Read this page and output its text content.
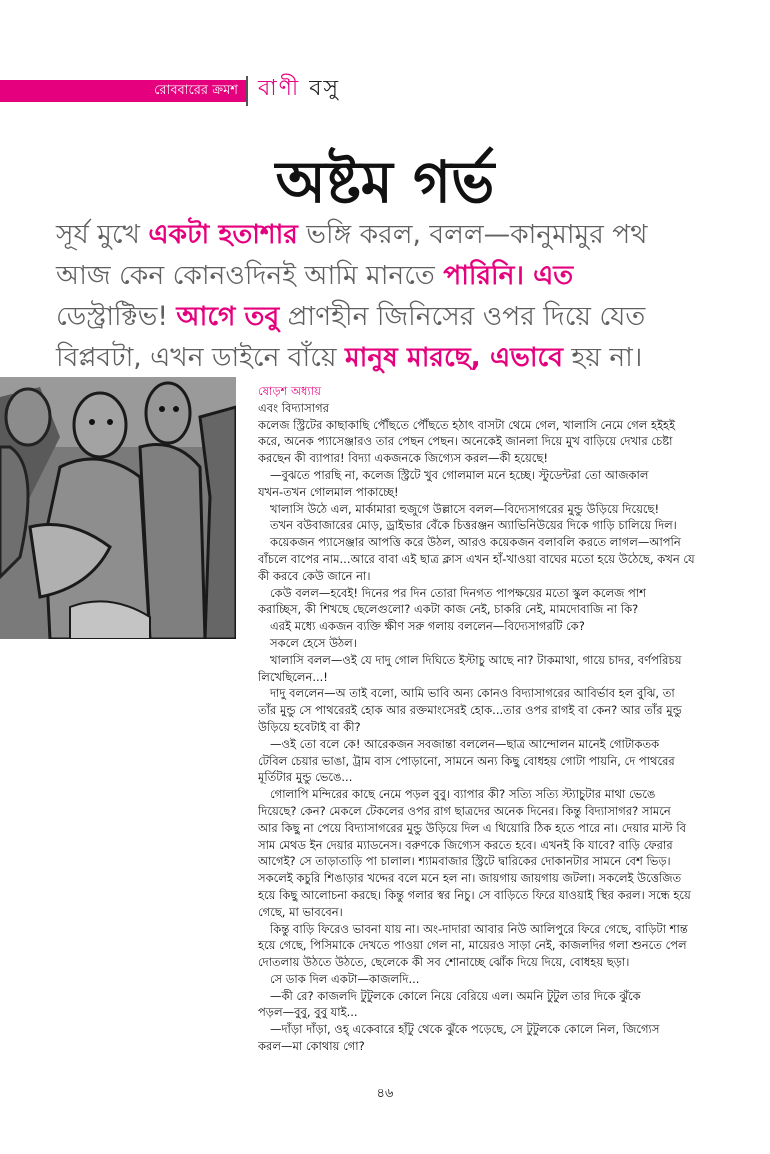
রোববারের ক্রমশ বাণী বসু
অষ্টম গর্ভ
সূর্য মুখে একটা হতাশার ভঙ্গি করল, বলল—কানুমামুর পথ
আজ কেন কোনওদিনই আমি মানতে পারিনি। এত
ডেস্ট্রাক্টিভ! আগে তবু প্রাণহীন জিনিসের ওপর দিয়ে যেত
বিপ্লবটা, এখন ডাইনে বাঁয়ে মানুষ মারছে, এভাবে হয় না।
ষোড়শ অধ্যায়
এবং বিদ্যাসাগর
কলেজ স্ট্রিটের কাছাকাছি পৌঁছতে পৌঁছতে হঠাৎ বাসটা থেমে গেল, খালাসি নেমে গেল হইহই
করে, অনেক প্যাসেঞ্জারও তার পেছন পেছন। অনেকেই জানলা দিয়ে মুখ বাড়িয়ে দেখার চেষ্টা
করছেন কী ব্যাপার! বিদ্যা একজনকে জিগ্যেস করল—কী হয়েছে!
—বুঝতে পারছি না, কলেজ স্ট্রিটে খুব গোলমাল মনে হচ্ছে। স্টুডেন্টরা তো আজকাল
যখন-তখন গোলমাল পাকাচ্ছে!
খালাসি উঠে এল, মার্কামারা হুজুগে উল্লাসে বলল—বিদ্যেসাগরের মুন্ডু উড়িয়ে দিয়েছে!
তখন বউবাজারের মোড়, ড্রাইভার বেঁকে চিত্তরঞ্জন অ্যাভিনিউয়ের দিকে গাড়ি চালিয়ে দিল।
কয়েকজন প্যাসেঞ্জার আপত্তি করে উঠল, আরও কয়েকজন বলাবলি করতে লাগল—আপনি
বাঁচলে বাপের নাম...আরে বাবা এই ছাত্র ক্লাস এখন হাঁ-খাওয়া বাঘের মতো হয়ে উঠেছে, কখন যে
কী করবে কেউ জানে না।
কেউ বলল—হবেই! দিনের পর দিন তোরা দিনগত পাপক্ষয়ের মতো স্কুল কলেজ পাশ
করাচ্ছিস, কী শিখছে ছেলেগুলো? একটা কাজ নেই, চাকরি নেই, মামদোবাজি না কি?
এরই মধ্যে একজন ব্যক্তি ক্ষীণ সরু গলায় বললেন—বিদ্যেসাগরটি কে?
সকলে হেসে উঠল।
খালাসি বলল—ওই যে দাদু গোল দিঘিতে ইস্টাচু আছে না? টাকমাথা, গায়ে চাদর, বর্ণপরিচয়
লিখেছিলেন...!
দাদু বললেন—অ তাই বলো, আমি ভাবি অন্য কোনও বিদ্যাসাগরের আবির্ভাব হল বুঝি, তা
তাঁর মুন্ডু সে পাথরেরই হোক আর রক্তমাংসেরই হোক...তার ওপর রাগই বা কেন? আর তাঁর মুন্ডু
উড়িয়ে হবেটাই বা কী?
—ওই তো বলে কে! আরেকজন সবজান্তা বললেন—ছাত্র আন্দোলন মানেই গোটাকতক
টেবিল চেয়ার ভাঙা, ট্রাম বাস পোড়ানো, সামনে অন্য কিছু বোধহয় গোটা পায়নি, দে পাথরের
মূর্তিটার মুন্ডু ভেঙে...
গোলাপি মন্দিরের কাছে নেমে পড়ল বুবু। ব্যাপার কী? সত্যি সত্যি স্ট্যাচুটার মাথা ভেঙে
দিয়েছে? কেন? মেকলে টেকলের ওপর রাগ ছাত্রদের অনেক দিনের। কিন্তু বিদ্যাসাগর? সামনে
আর কিছু না পেয়ে বিদ্যাসাগরের মুন্ডু উড়িয়ে দিল এ থিয়োরি ঠিক হতে পারে না। দেয়ার মাস্ট বি
সাম মেথড ইন দেয়ার ম্যাডনেস। বরুণকে জিগ্যেস করতে হবে। এখনই কি যাবে? বাড়ি ফেরার
আগেই? সে তাড়াতাড়ি পা চালাল। শ্যামবাজার স্ট্রিটে দ্বারিকের দোকানটার সামনে বেশ ভিড়।
সকলেই কচুরি শিঙাড়ার খদ্দের বলে মনে হল না। জায়গায় জায়গায় জটলা। সকলেই উত্তেজিত
হয়ে কিছু আলোচনা করছে। কিন্তু গলার স্বর নিচু। সে বাড়িতে ফিরে যাওয়াই স্থির করল। সন্ধে হয়ে
গেছে, মা ভাববেন।
কিন্তু বাড়ি ফিরেও ভাবনা যায় না। অং-দাদারা আবার নিউ আলিপুরে ফিরে গেছে, বাড়িটা শান্ত
হয়ে গেছে, পিসিমাকে দেখতে পাওয়া গেল না, মায়েরও সাড়া নেই, কাজলদির গলা শুনতে পেল
দোতলায় উঠতে উঠতে, ছেলেকে কী সব শোনাচ্ছে ঝোঁক দিয়ে দিয়ে, বোধহয় ছড়া।
সে ডাক দিল একটা—কাজলদি...
—কী রে? কাজলদি টুটুলকে কোলে নিয়ে বেরিয়ে এল। অমনি টুটুল তার দিকে ঝুঁকে
পড়ল—বুবু, বুবু যাই...
—দাঁড়া দাঁড়া, ওহ্ একেবারে হাঁটু থেকে ঝুঁকে পড়েছে, সে টুটুলকে কোলে নিল, জিগ্যেস
করল—মা কোথায় গো?
৪৬
